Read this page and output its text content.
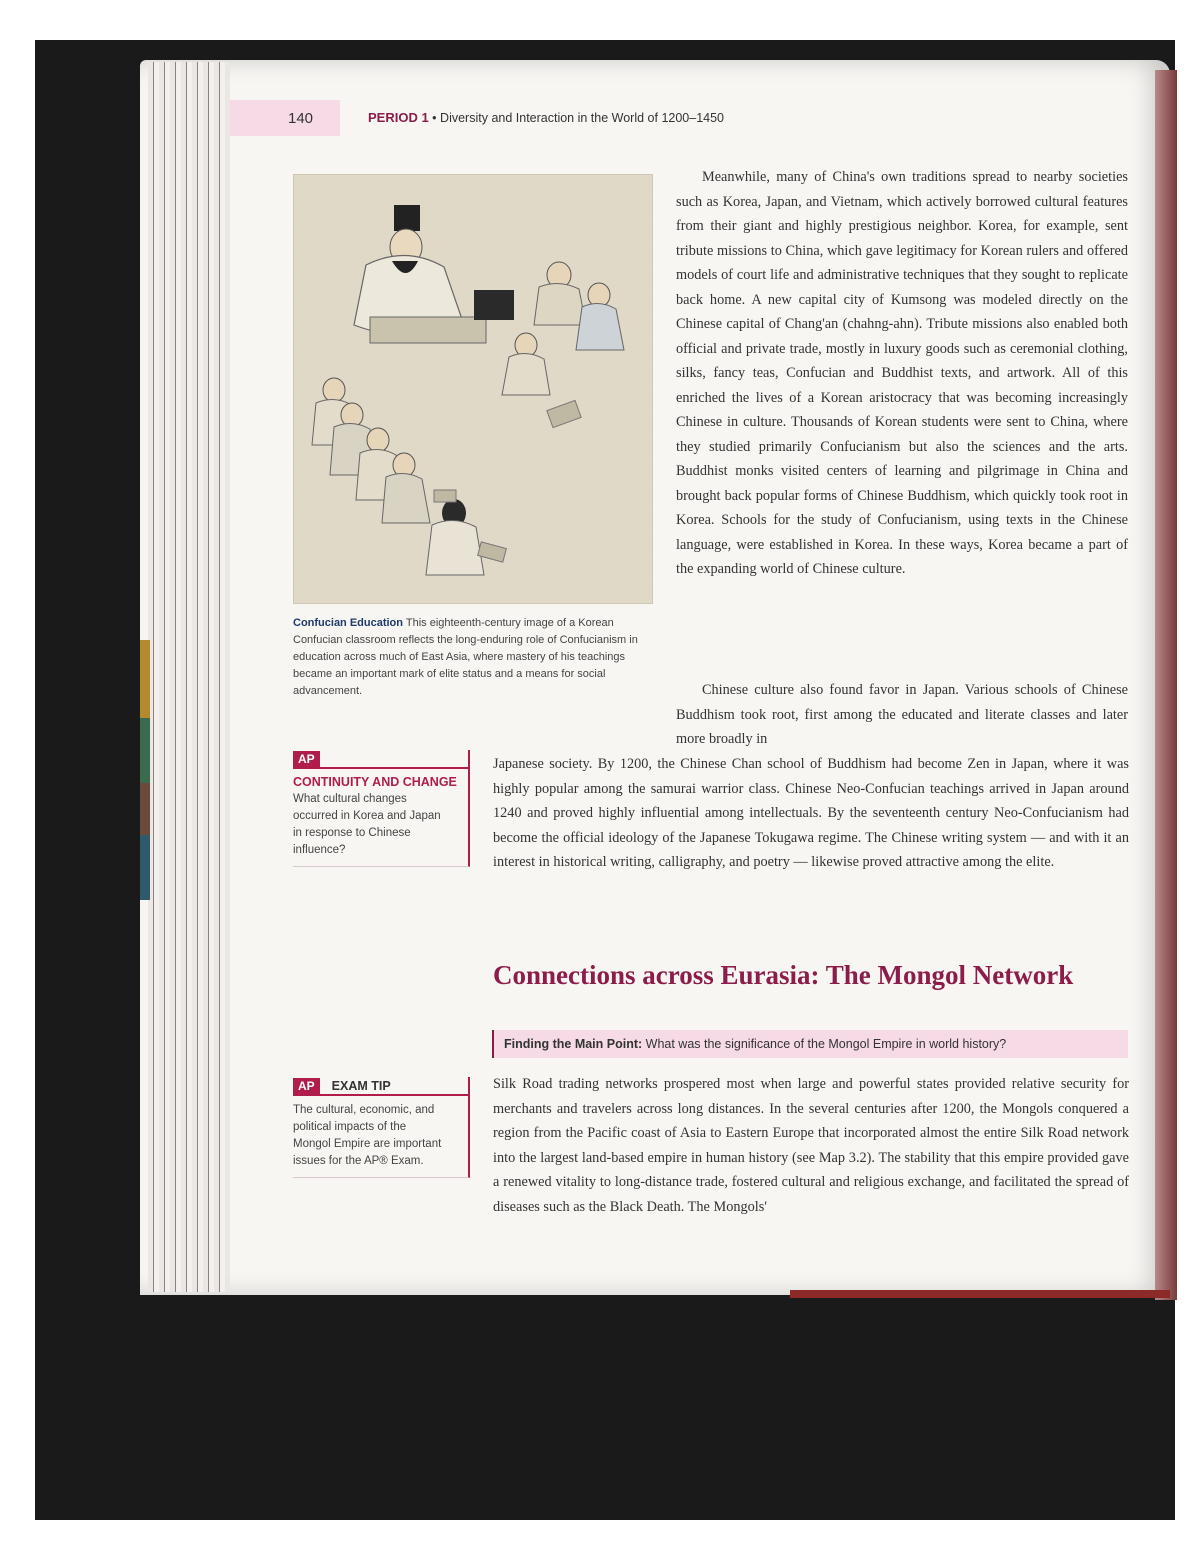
140	PERIOD 1 • Diversity and Interaction in the World of 1200–1450
Confucian Education This eighteenth-century image of a Korean Confucian classroom reflects the long-enduring role of Confucianism in education across much of East Asia, where mastery of his teachings became an important mark of elite status and a means for social advancement.
AP
CONTINUITY AND CHANGE
What cultural changes occurred in Korea and Japan in response to Chinese influence?
AP EXAM TIP
The cultural, economic, and political impacts of the Mongol Empire are important issues for the AP® Exam.

Meanwhile, many of China's own traditions spread to nearby societies such as Korea, Japan, and Vietnam, which actively borrowed cultural features from their giant and highly prestigious neighbor. Korea, for example, sent tribute missions to China, which gave legitimacy for Korean rulers and offered models of court life and administrative techniques that they sought to replicate back home. A new capital city of Kumsong was modeled directly on the Chinese capital of Chang'an (chahng-ahn). Tribute missions also enabled both official and private trade, mostly in luxury goods such as ceremonial clothing, silks, fancy teas, Confucian and Buddhist texts, and artwork. All of this enriched the lives of a Korean aristocracy that was becoming increasingly Chinese in culture. Thousands of Korean students were sent to China, where they studied primarily Confucianism but also the sciences and the arts. Buddhist monks visited centers of learning and pilgrimage in China and brought back popular forms of Chinese Buddhism, which quickly took root in Korea. Schools for the study of Confucianism, using texts in the Chinese language, were established in Korea. In these ways, Korea became a part of the expanding world of Chinese culture.

Chinese culture also found favor in Japan. Various schools of Chinese Buddhism took root, first among the educated and literate classes and later more broadly in

Japanese society. By 1200, the Chinese Chan school of Buddhism had become Zen in Japan, where it was highly popular among the samurai warrior class. Chinese Neo-Confucian teachings arrived in Japan around 1240 and proved highly influential among intellectuals. By the seventeenth century Neo-Confucianism had become the official ideology of the Japanese Tokugawa regime. The Chinese writing system — and with it an interest in historical writing, calligraphy, and poetry — likewise proved attractive among the elite.

Connections across Eurasia: The Mongol Network
Finding the Main Point: What was the significance of the Mongol Empire in world history?

Silk Road trading networks prospered most when large and powerful states provided relative security for merchants and travelers across long distances. In the several centuries after 1200, the Mongols conquered a region from the Pacific coast of Asia to Eastern Europe that incorporated almost the entire Silk Road network into the largest land-based empire in human history (see Map 3.2). The stability that this empire provided gave a renewed vitality to long-distance trade, fostered cultural and religious exchange, and facilitated the spread of diseases such as the Black Death. The Mongols'
